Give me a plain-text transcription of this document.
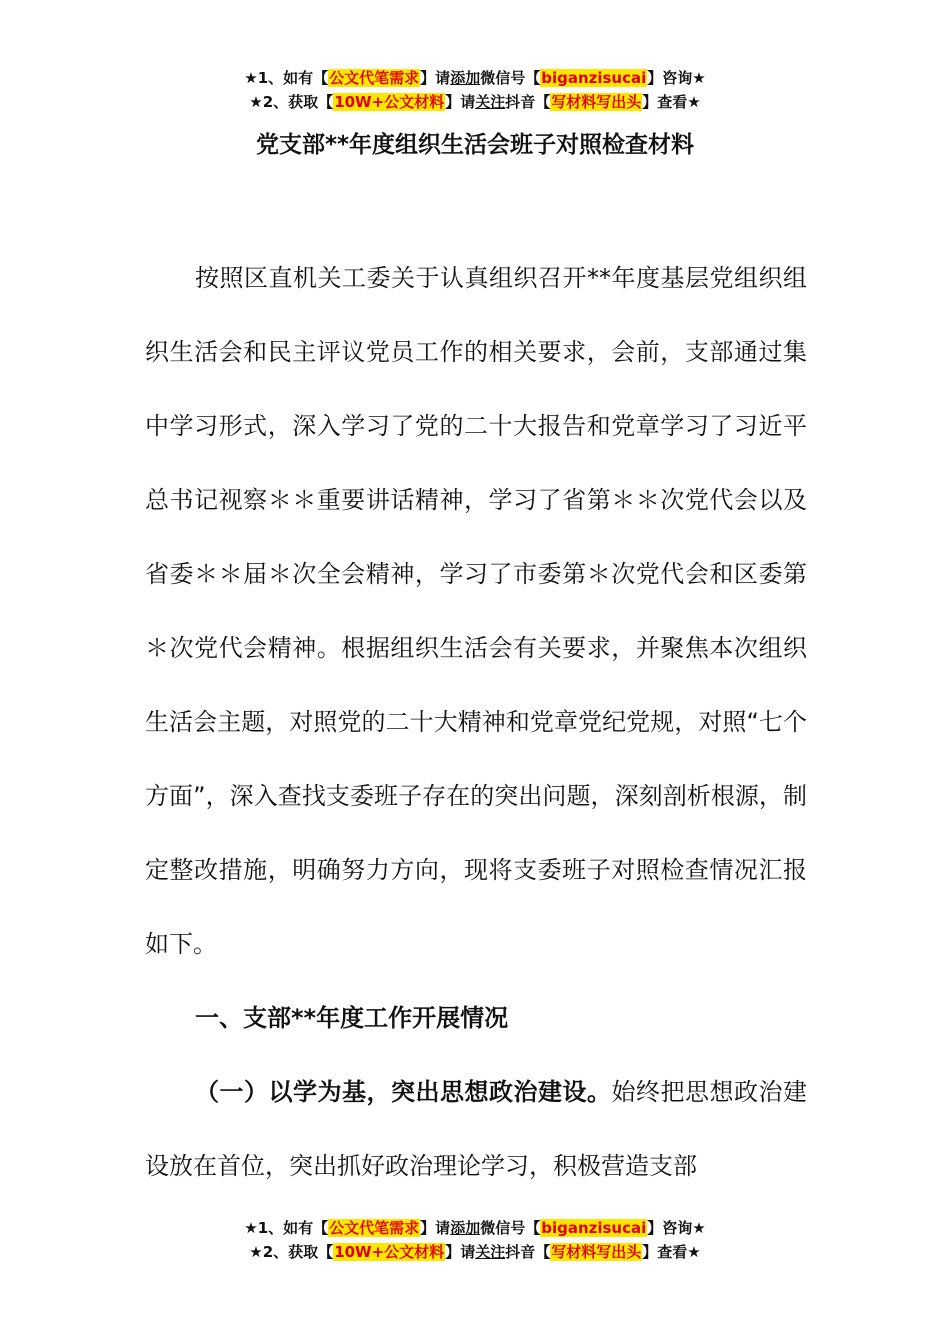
★1、如有【公文代笔需求】请添加微信号【biganzisucai】咨询★
★2、获取【10W+公文材料】请关注抖音【写材料写出头】查看★
党支部**年度组织生活会班子对照检查材料

按照区直机关工委关于认真组织召开**年度基层党组织组织生活会和民主评议党员工作的相关要求，会前，支部通过集中学习形式，深入学习了党的二十大报告和党章学习了习近平总书记视察＊＊重要讲话精神，学习了省第＊＊次党代会以及省委＊＊届＊次全会精神，学习了市委第＊次党代会和区委第＊次党代会精神。根据组织生活会有关要求，并聚焦本次组织生活会主题，对照党的二十大精神和党章党纪党规，对照“七个方面”，深入查找支委班子存在的突出问题，深刻剖析根源，制定整改措施，明确努力方向，现将支委班子对照检查情况汇报如下。

一、支部**年度工作开展情况

（一）以学为基，突出思想政治建设。始终把思想政治建设放在首位，突出抓好政治理论学习，积极营造支部

★1、如有【公文代笔需求】请添加微信号【biganzisucai】咨询★
★2、获取【10W+公文材料】请关注抖音【写材料写出头】查看★
